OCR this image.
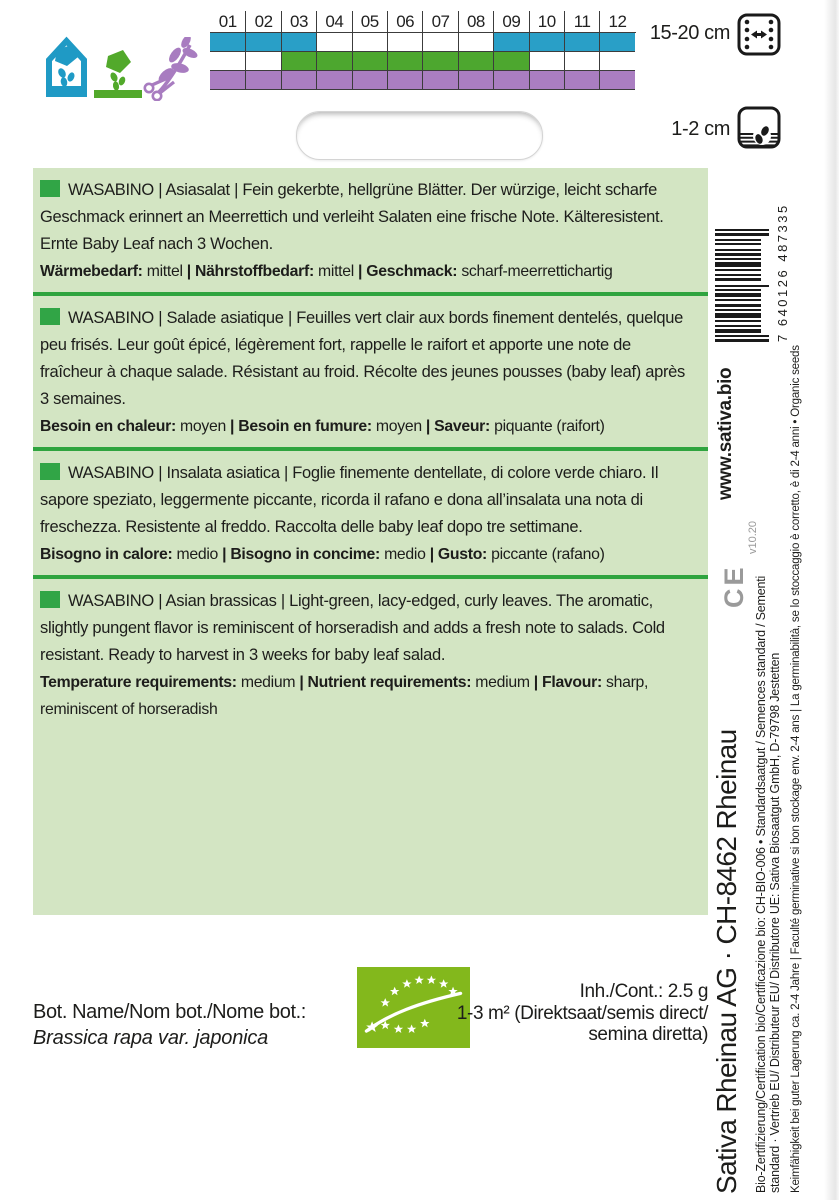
01	02	03	04	05	06	07	08	09	10	11	12
15-20 cm
1-2 cm

WASABINO | Asiasalat | Fein gekerbte, hellgrüne Blätter. Der würzige, leicht scharfe Geschmack erinnert an Meerrettich und verleiht Salaten eine frische Note. Kälteresistent. Ernte Baby Leaf nach 3 Wochen.

Wärmebedarf: mittel | Nährstoffbedarf: mittel | Geschmack: scharf-meerrettichartig

WASABINO | Salade asiatique | Feuilles vert clair aux bords finement dentelés, quelque peu frisés. Leur goût épicé, légèrement fort, rappelle le raifort et apporte une note de fraîcheur à chaque salade. Résistant au froid. Récolte des jeunes pousses (baby leaf) après 3 semaines.

Besoin en chaleur: moyen | Besoin en fumure: moyen | Saveur: piquante (raifort)

WASABINO | Insalata asiatica | Foglie finemente dentellate, di colore verde chiaro. Il sapore speziato, leggermente piccante, ricorda il rafano e dona all’insalata una nota di freschezza. Resistente al freddo. Raccolta delle baby leaf dopo tre settimane.

Bisogno in calore: medio | Bisogno in concime: medio | Gusto: piccante (rafano)

WASABINO | Asian brassicas | Light-green, lacy-edged, curly leaves. The aromatic, slightly pungent flavor is reminiscent of horseradish and adds a fresh note to salads. Cold resistant. Ready to harvest in 3 weeks for baby leaf salad.

Temperature requirements: medium | Nutrient requirements: medium | Flavour: sharp, reminiscent of horseradish

Bot. Name/Nom bot./Nome bot.:
Brassica rapa var. japonica
Inh./Cont.: 2.5 g
1-3 m² (Direktsaat/semis direct/
semina diretta) Sativa Rheinau AG · CH-8462 Rheinau Bio-Zertifizierung/Certification bio/Certificazione bio: CH-BIO-006 • Standardsaatgut / Semences standard / Sementi standard · Vertrieb EU/ Distributeur EU/ Distributore UE: Sativa Biosaatgut GmbH, D-79798 Jestetten Keimfähigkeit bei guter Lagerung ca. 2-4 Jahre | Faculté germinative si bon stockage env. 2-4 ans | La germinabilità, se lo stoccaggio è corretto, è di 2-4 anni • Organic seeds
CE
v10.20
www.sativa.bio
7 640126 487335
